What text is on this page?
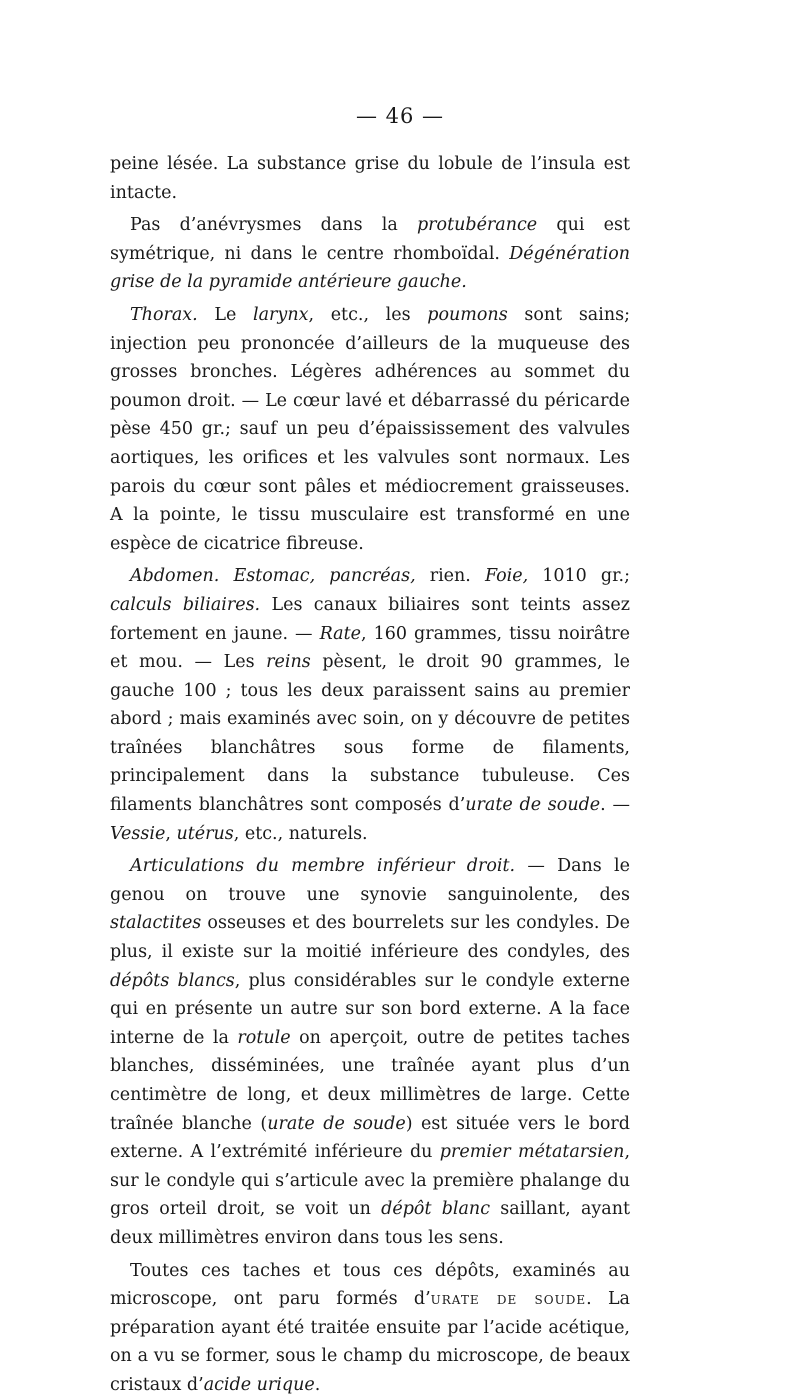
— 46 —

peine lésée. La substance grise du lobule de l’insula est intacte.

Pas d’anévrysmes dans la protubérance qui est symétrique, ni dans le centre rhomboïdal. Dégénération grise de la pyramide antérieure gauche.

Thorax. Le larynx, etc., les poumons sont sains; injection peu prononcée d’ailleurs de la muqueuse des grosses bronches. Légères adhérences au sommet du poumon droit. — Le cœur lavé et débarrassé du péricarde pèse 450 gr.; sauf un peu d’épaississement des valvules aortiques, les orifices et les valvules sont normaux. Les parois du cœur sont pâles et médiocrement graisseuses. A la pointe, le tissu musculaire est transformé en une espèce de cicatrice fibreuse.

Abdomen. Estomac, pancréas, rien. Foie, 1010 gr.; calculs biliaires. Les canaux biliaires sont teints assez fortement en jaune. — Rate, 160 grammes, tissu noirâtre et mou. — Les reins pèsent, le droit 90 grammes, le gauche 100 ; tous les deux paraissent sains au premier abord ; mais examinés avec soin, on y découvre de petites traînées blanchâtres sous forme de filaments, principalement dans la substance tubuleuse. Ces filaments blanchâtres sont composés d’urate de soude. — Vessie, utérus, etc., naturels.

Articulations du membre inférieur droit. — Dans le genou on trouve une synovie sanguinolente, des stalactites osseuses et des bourrelets sur les condyles. De plus, il existe sur la moitié inférieure des condyles, des dépôts blancs, plus considérables sur le condyle externe qui en présente un autre sur son bord externe. A la face interne de la rotule on aperçoit, outre de petites taches blanches, disséminées, une traînée ayant plus d’un centimètre de long, et deux millimètres de large. Cette traînée blanche (urate de soude) est située vers le bord externe. A l’extrémité inférieure du premier métatarsien, sur le condyle qui s’articule avec la première phalange du gros orteil droit, se voit un dépôt blanc saillant, ayant deux millimètres environ dans tous les sens.

Toutes ces taches et tous ces dépôts, examinés au microscope, ont paru formés d’urate de soude. La préparation ayant été traitée ensuite par l’acide acétique, on a vu se former, sous le champ du microscope, de beaux cristaux d’acide urique.
